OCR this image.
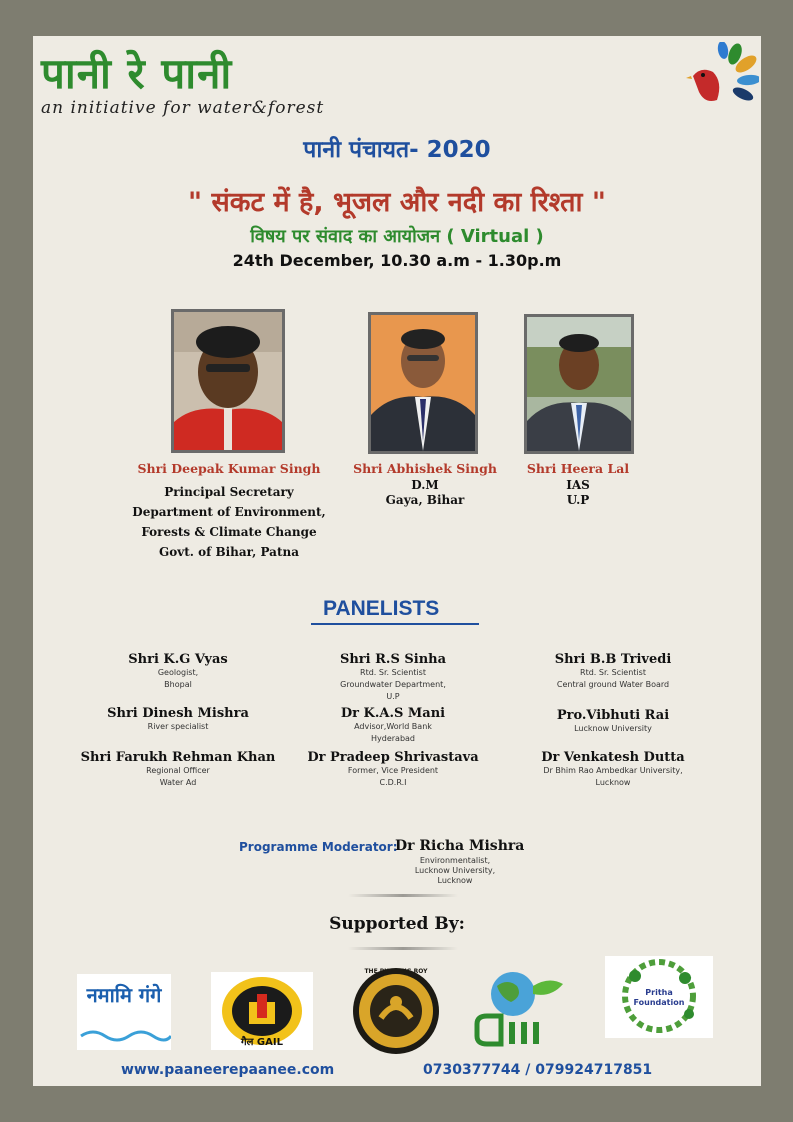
पानी रे पानी
an initiative for water&forest
पानी पंचायत- 2020
" संकट में है, भूजल और नदी का रिश्ता "
विषय पर संवाद का आयोजन ( Virtual )
24th December, 10.30 a.m - 1.30p.m
Shri Deepak Kumar Singh
Principal Secretary
Department of Environment,
Forests & Climate Change
Govt. of Bihar, Patna
Shri Abhishek Singh
D.M
Gaya, Bihar
Shri Heera Lal
IAS
U.P
PANELISTS
Shri K.G Vyas
Geologist,
Bhopal
Shri R.S Sinha
Rtd. Sr. Scientist
Groundwater Department,
U.P
Shri B.B Trivedi
Rtd. Sr. Scientist
Central ground Water Board
Shri Dinesh Mishra
River specialist
Dr K.A.S Mani
Advisor,World Bank
Hyderabad
Pro.Vibhuti Rai
Lucknow University
Shri Farukh Rehman Khan
Regional Officer
Water Ad
Dr Pradeep Shrivastava
Former, Vice President
C.D.R.I
Dr Venkatesh Dutta
Dr Bhim Rao Ambedkar University,
Lucknow
Programme Moderator:
Dr Richa Mishra
Environmentalist,
Lucknow University,
Lucknow
Supported By:
नमामि गंगे
गैल GAIL
THE PUMPING ROY
Pritha Foundation
www.paaneerepaanee.com	0730377744 / 079924717851
